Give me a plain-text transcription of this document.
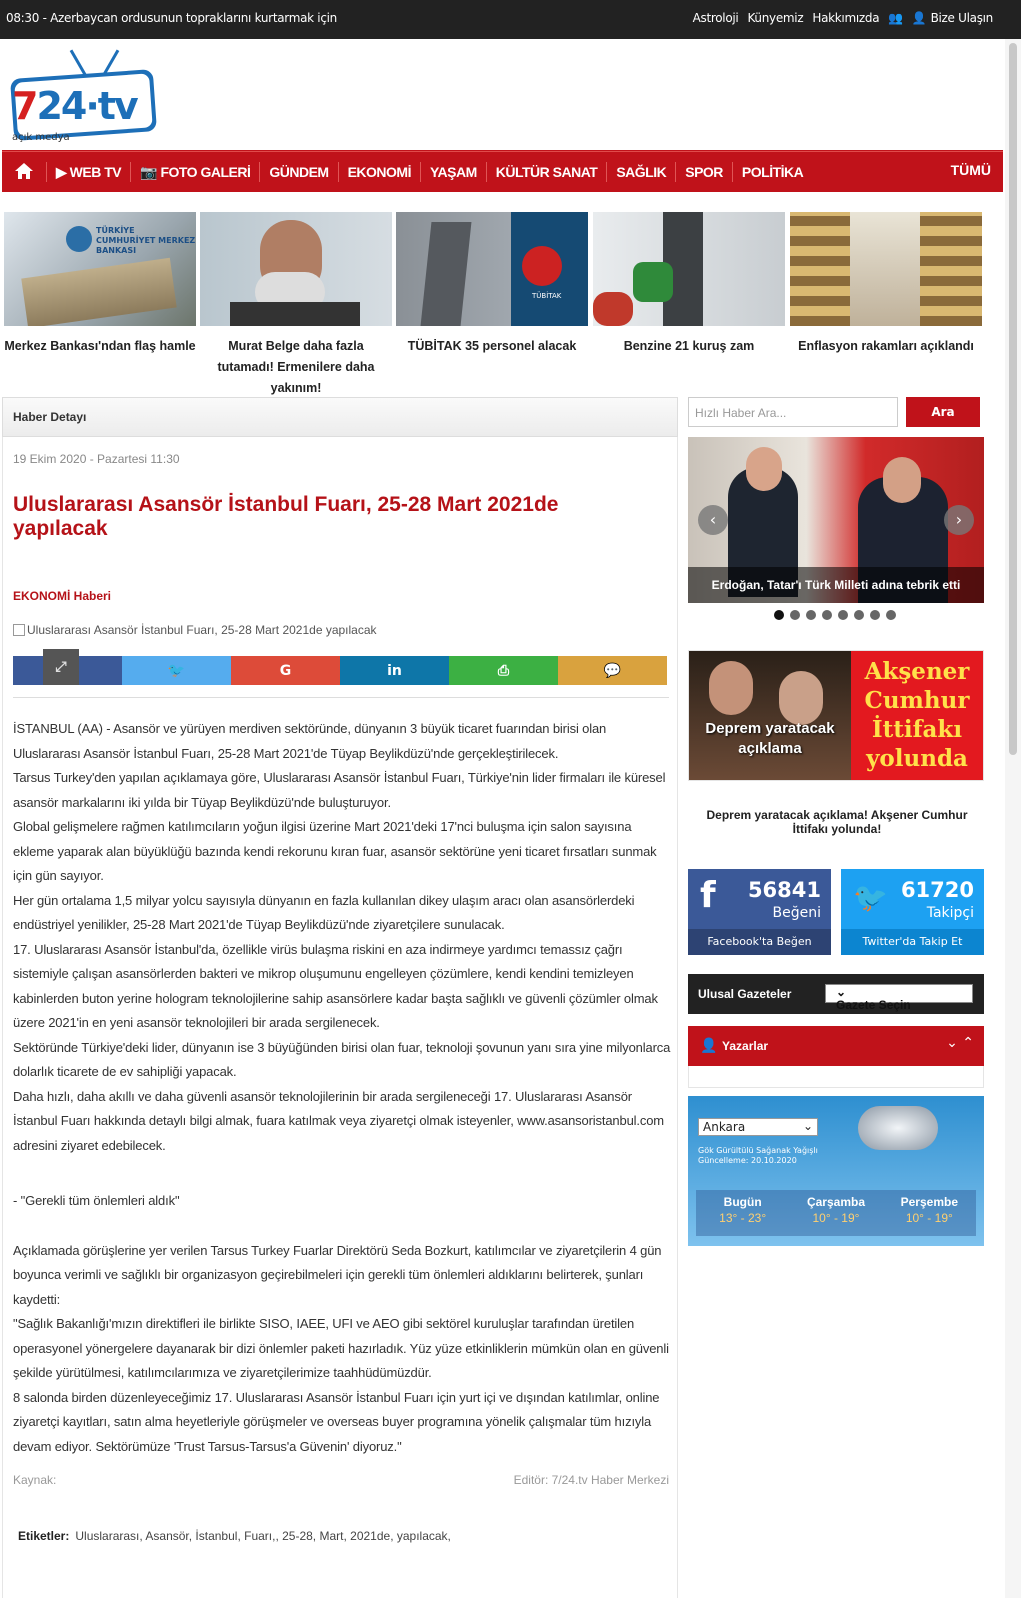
08:30 - Azerbaycan ordusunun topraklarını kurtarmak için	Astroloji Künyemiz Hakkımızda 👥 👤 Bize Ulaşın
724·tv
açık medya
▶ WEB TV	📷 FOTO GALERİ	GÜNDEM	EKONOMİ	YAŞAM	KÜLTÜR SANAT	SAĞLIK	SPOR	POLİTİKA	TÜMÜ
TÜRKİYE CUMHURİYET MERKEZ BANKASI
Merkez Bankası'ndan flaş hamle	Murat Belge daha fazla tutamadı! Ermenilere daha yakınım!
TÜBİTAK
TÜBİTAK 35 personel alacak	Benzine 21 kuruş zam	Enflasyon rakamları açıklandı
Haber Detayı
19 Ekim 2020 - Pazartesi 11:30
Uluslararası Asansör İstanbul Fuarı, 25-28 Mart 2021de yapılacak
EKONOMİ Haberi
Uluslararası Asansör İstanbul Fuarı, 25-28 Mart 2021de yapılacak
⤢	🐦	G	in	⎙	💬

İSTANBUL (AA) - Asansör ve yürüyen merdiven sektöründe, dünyanın 3 büyük ticaret fuarından birisi olan Uluslararası Asansör İstanbul Fuarı, 25-28 Mart 2021'de Tüyap Beylikdüzü'nde gerçekleştirilecek.

Tarsus Turkey'den yapılan açıklamaya göre, Uluslararası Asansör İstanbul Fuarı, Türkiye'nin lider firmaları ile küresel asansör markalarını iki yılda bir Tüyap Beylikdüzü'nde buluşturuyor.

Global gelişmelere rağmen katılımcıların yoğun ilgisi üzerine Mart 2021'deki 17'nci buluşma için salon sayısına ekleme yaparak alan büyüklüğü bazında kendi rekorunu kıran fuar, asansör sektörüne yeni ticaret fırsatları sunmak için gün sayıyor.

Her gün ortalama 1,5 milyar yolcu sayısıyla dünyanın en fazla kullanılan dikey ulaşım aracı olan asansörlerdeki endüstriyel yenilikler, 25-28 Mart 2021'de Tüyap Beylikdüzü'nde ziyaretçilere sunulacak.

17. Uluslararası Asansör İstanbul'da, özellikle virüs bulaşma riskini en aza indirmeye yardımcı temassız çağrı sistemiyle çalışan asansörlerden bakteri ve mikrop oluşumunu engelleyen çözümlere, kendi kendini temizleyen kabinlerden buton yerine hologram teknolojilerine sahip asansörlere kadar başta sağlıklı ve güvenli çözümler olmak üzere 2021'in en yeni asansör teknolojileri bir arada sergilenecek.

Sektöründe Türkiye'deki lider, dünyanın ise 3 büyüğünden birisi olan fuar, teknoloji şovunun yanı sıra yine milyonlarca dolarlık ticarete de ev sahipliği yapacak.

Daha hızlı, daha akıllı ve daha güvenli asansör teknolojilerinin bir arada sergileneceği 17. Uluslararası Asansör İstanbul Fuarı hakkında detaylı bilgi almak, fuara katılmak veya ziyaretçi olmak isteyenler, www.asansoristanbul.com adresini ziyaret edebilecek.

- "Gerekli tüm önlemleri aldık"

Açıklamada görüşlerine yer verilen Tarsus Turkey Fuarlar Direktörü Seda Bozkurt, katılımcılar ve ziyaretçilerin 4 gün boyunca verimli ve sağlıklı bir organizasyon geçirebilmeleri için gerekli tüm önlemleri aldıklarını belirterek, şunları kaydetti:

"Sağlık Bakanlığı'mızın direktifleri ile birlikte SISO, IAEE, UFI ve AEO gibi sektörel kuruluşlar tarafından üretilen operasyonel yönergelere dayanarak bir dizi önlemler paketi hazırladık. Yüz yüze etkinliklerin mümkün olan en güvenli şekilde yürütülmesi, katılımcılarımıza ve ziyaretçilerimize taahhüdümüzdür.

8 salonda birden düzenleyeceğimiz 17. Uluslararası Asansör İstanbul Fuarı için yurt içi ve dışından katılımlar, online ziyaretçi kayıtları, satın alma heyetleriyle görüşmeler ve overseas buyer programına yönelik çalışmalar tüm hızıyla devam ediyor. Sektörümüze 'Trust Tarsus-Tarsus'a Güvenin' diyoruz."

Kaynak:	Editör: 7/24.tv Haber Merkezi
Etiketler: Uluslararası, Asansör, İstanbul, Fuarı,, 25-28, Mart, 2021de, yapılacak,
Hızlı Haber Ara...	Ara
‹	›
Erdoğan, Tatar'ı Türk Milleti adına tebrik etti
Deprem yaratacak açıklama
Akşener Cumhur İttifakı yolunda
Deprem yaratacak açıklama! Akşener Cumhur İttifakı yolunda!
f 56841
Beğeni
Facebook'ta Beğen
🐦 61720
Takipçi
Twitter'da Takip Et
Ulusal Gazeteler
Gazete Seçin
⌄
👤 Yazarlar	⌄ ⌃
Ankara	⌄
Gök Gürültülü Sağanak Yağışlı
Güncelleme: 20.10.2020
Bugün
13° - 23°
Çarşamba
10° - 19°
Perşembe
10° - 19°
